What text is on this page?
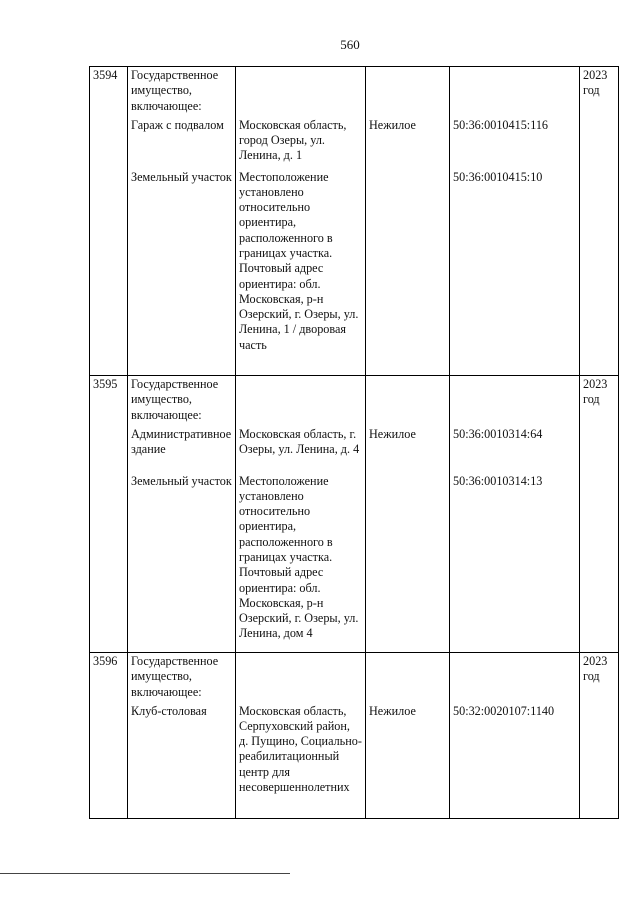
560
3594	Государственное имущество, включающее:				2023 год
	Гараж с подвалом	Московская область, город Озеры, ул. Ленина, д. 1	Нежилое	50:36:0010415:116	
	Земельный участок	Местоположение установлено относительно ориентира, расположенного в границах участка. Почтовый адрес ориентира: обл. Московская, р-н Озерский, г. Озеры, ул. Ленина, 1 / дворовая часть		50:36:0010415:10	
3595	Государственное имущество, включающее:				2023 год
	Административное здание	Московская область, г. Озеры, ул. Ленина, д. 4	Нежилое	50:36:0010314:64	
	Земельный участок	Местоположение установлено относительно ориентира, расположенного в границах участка. Почтовый адрес ориентира: обл. Московская, р-н Озерский, г. Озеры, ул. Ленина, дом 4		50:36:0010314:13	
3596	Государственное имущество, включающее:				2023 год
	Клуб-столовая	Московская область, Серпуховский район, д. Пущино, Социально-реабилитационный центр для несовершеннолетних	Нежилое	50:32:0020107:1140	
